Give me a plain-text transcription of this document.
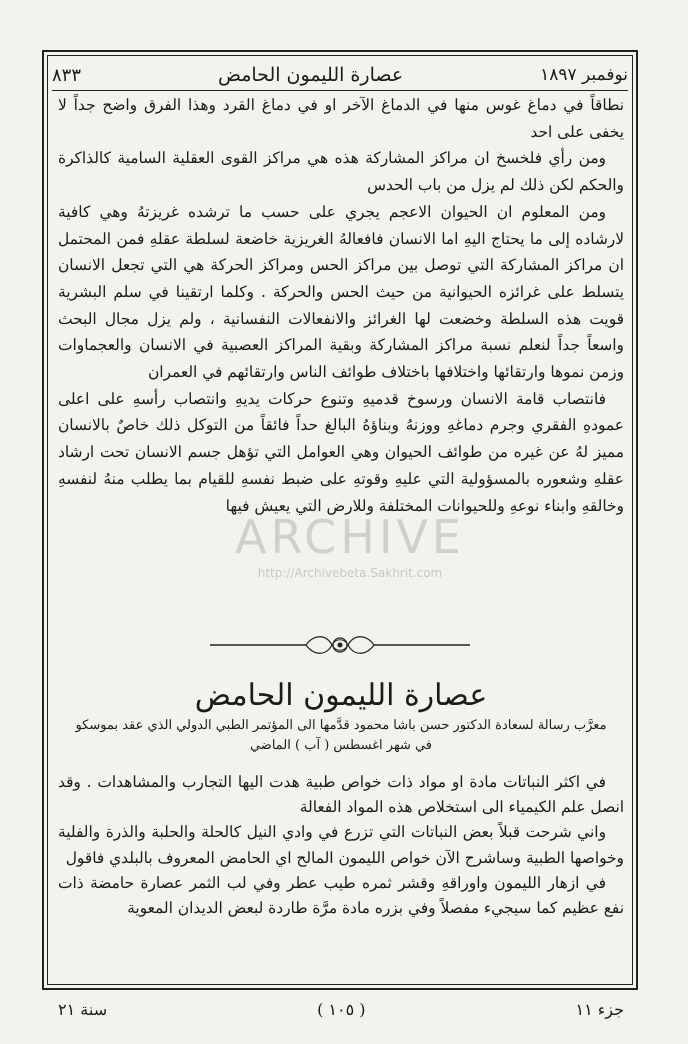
نوفمبر ١٨٩٧
عصارة الليمون الحامض
٨٣٣

نطاقاً في دماغ غوس منها في الدماغ الآخر او في دماغ القرد وهذا الفرق واضح جداً لا يخفى على احد

ومن رأي فلخسخ ان مراكز المشاركة هذه هي مراكز القوى العقلية السامية كالذاكرة والحكم لكن ذلك لم يزل من باب الحدس

ومن المعلوم ان الحيوان الاعجم يجري على حسب ما ترشده غريزتهُ وهي كافية لارشاده إلى ما يحتاج اليهِ اما الانسان فافعالهُ الغريزية خاضعة لسلطة عقلهِ فمن المحتمل ان مراكز المشاركة التي توصل بين مراكز الحس ومراكز الحركة هي التي تجعل الانسان يتسلط على غرائزه الحيوانية من حيث الحس والحركة . وكلما ارتقينا في سلم البشرية قويت هذه السلطة وخضعت لها الغرائز والانفعالات النفسانية ، ولم يزل مجال البحث واسعاً جداً لنعلم نسبة مراكز المشاركة وبقية المراكز العصبية في الانسان والعجماوات وزمن نموها وارتقائها واختلافها باختلاف طوائف الناس وارتقائهم في العمران

فانتصاب قامة الانسان ورسوخ قدميهِ وتنوع حركات يديهِ وانتصاب رأسهِ على اعلى عمودهِ الفقري وجرم دماغهِ ووزنهُ وبناؤهُ البالغ حداً فائقاً من التوكل ذلك خاصٌ بالانسان مميز لهُ عن غيره من طوائف الحيوان وهي العوامل التي تؤهل جسم الانسان تحت ارشاد عقلهِ وشعوره بالمسؤولية التي عليهِ وقوتهِ على ضبط نفسهِ للقيام بما يطلب منهُ لنفسهِ وخالقهِ وابناء نوعهِ وللحيوانات المختلفة وللارض التي يعيش فيها

ARCHIVE
http://Archivebeta.Sakhrit.com
عصارة الليمون الحامض
معرَّب رسالة لسعادة الدكتور حسن باشا محمود قدَّمها الى المؤتمر الطبي الدولي الذي عقد بموسكو
في شهر اغسطس ( آب ) الماضي

في اكثر النباتات مادة او مواد ذات خواص طبية هدت اليها التجارب والمشاهدات . وقد انصل علم الكيمياء الى استخلاص هذه المواد الفعالة

واني شرحت قبلاً بعض النباتات التي تزرع في وادي النيل كالحلة والحلبة والذرة والفلية وخواصها الطبية وساشرح الآن خواص الليمون المالح اي الحامض المعروف بالبلدي فاقول

في ازهار الليمون واوراقهِ وقشر ثمره طيب عطر وفي لب الثمر عصارة حامضة ذات نفع عظيم كما سيجيء مفصلاً وفي بزره مادة مرَّة طاردة لبعض الديدان المعوية

جزء ١١
( ١٠٥ )
سنة ٢١
